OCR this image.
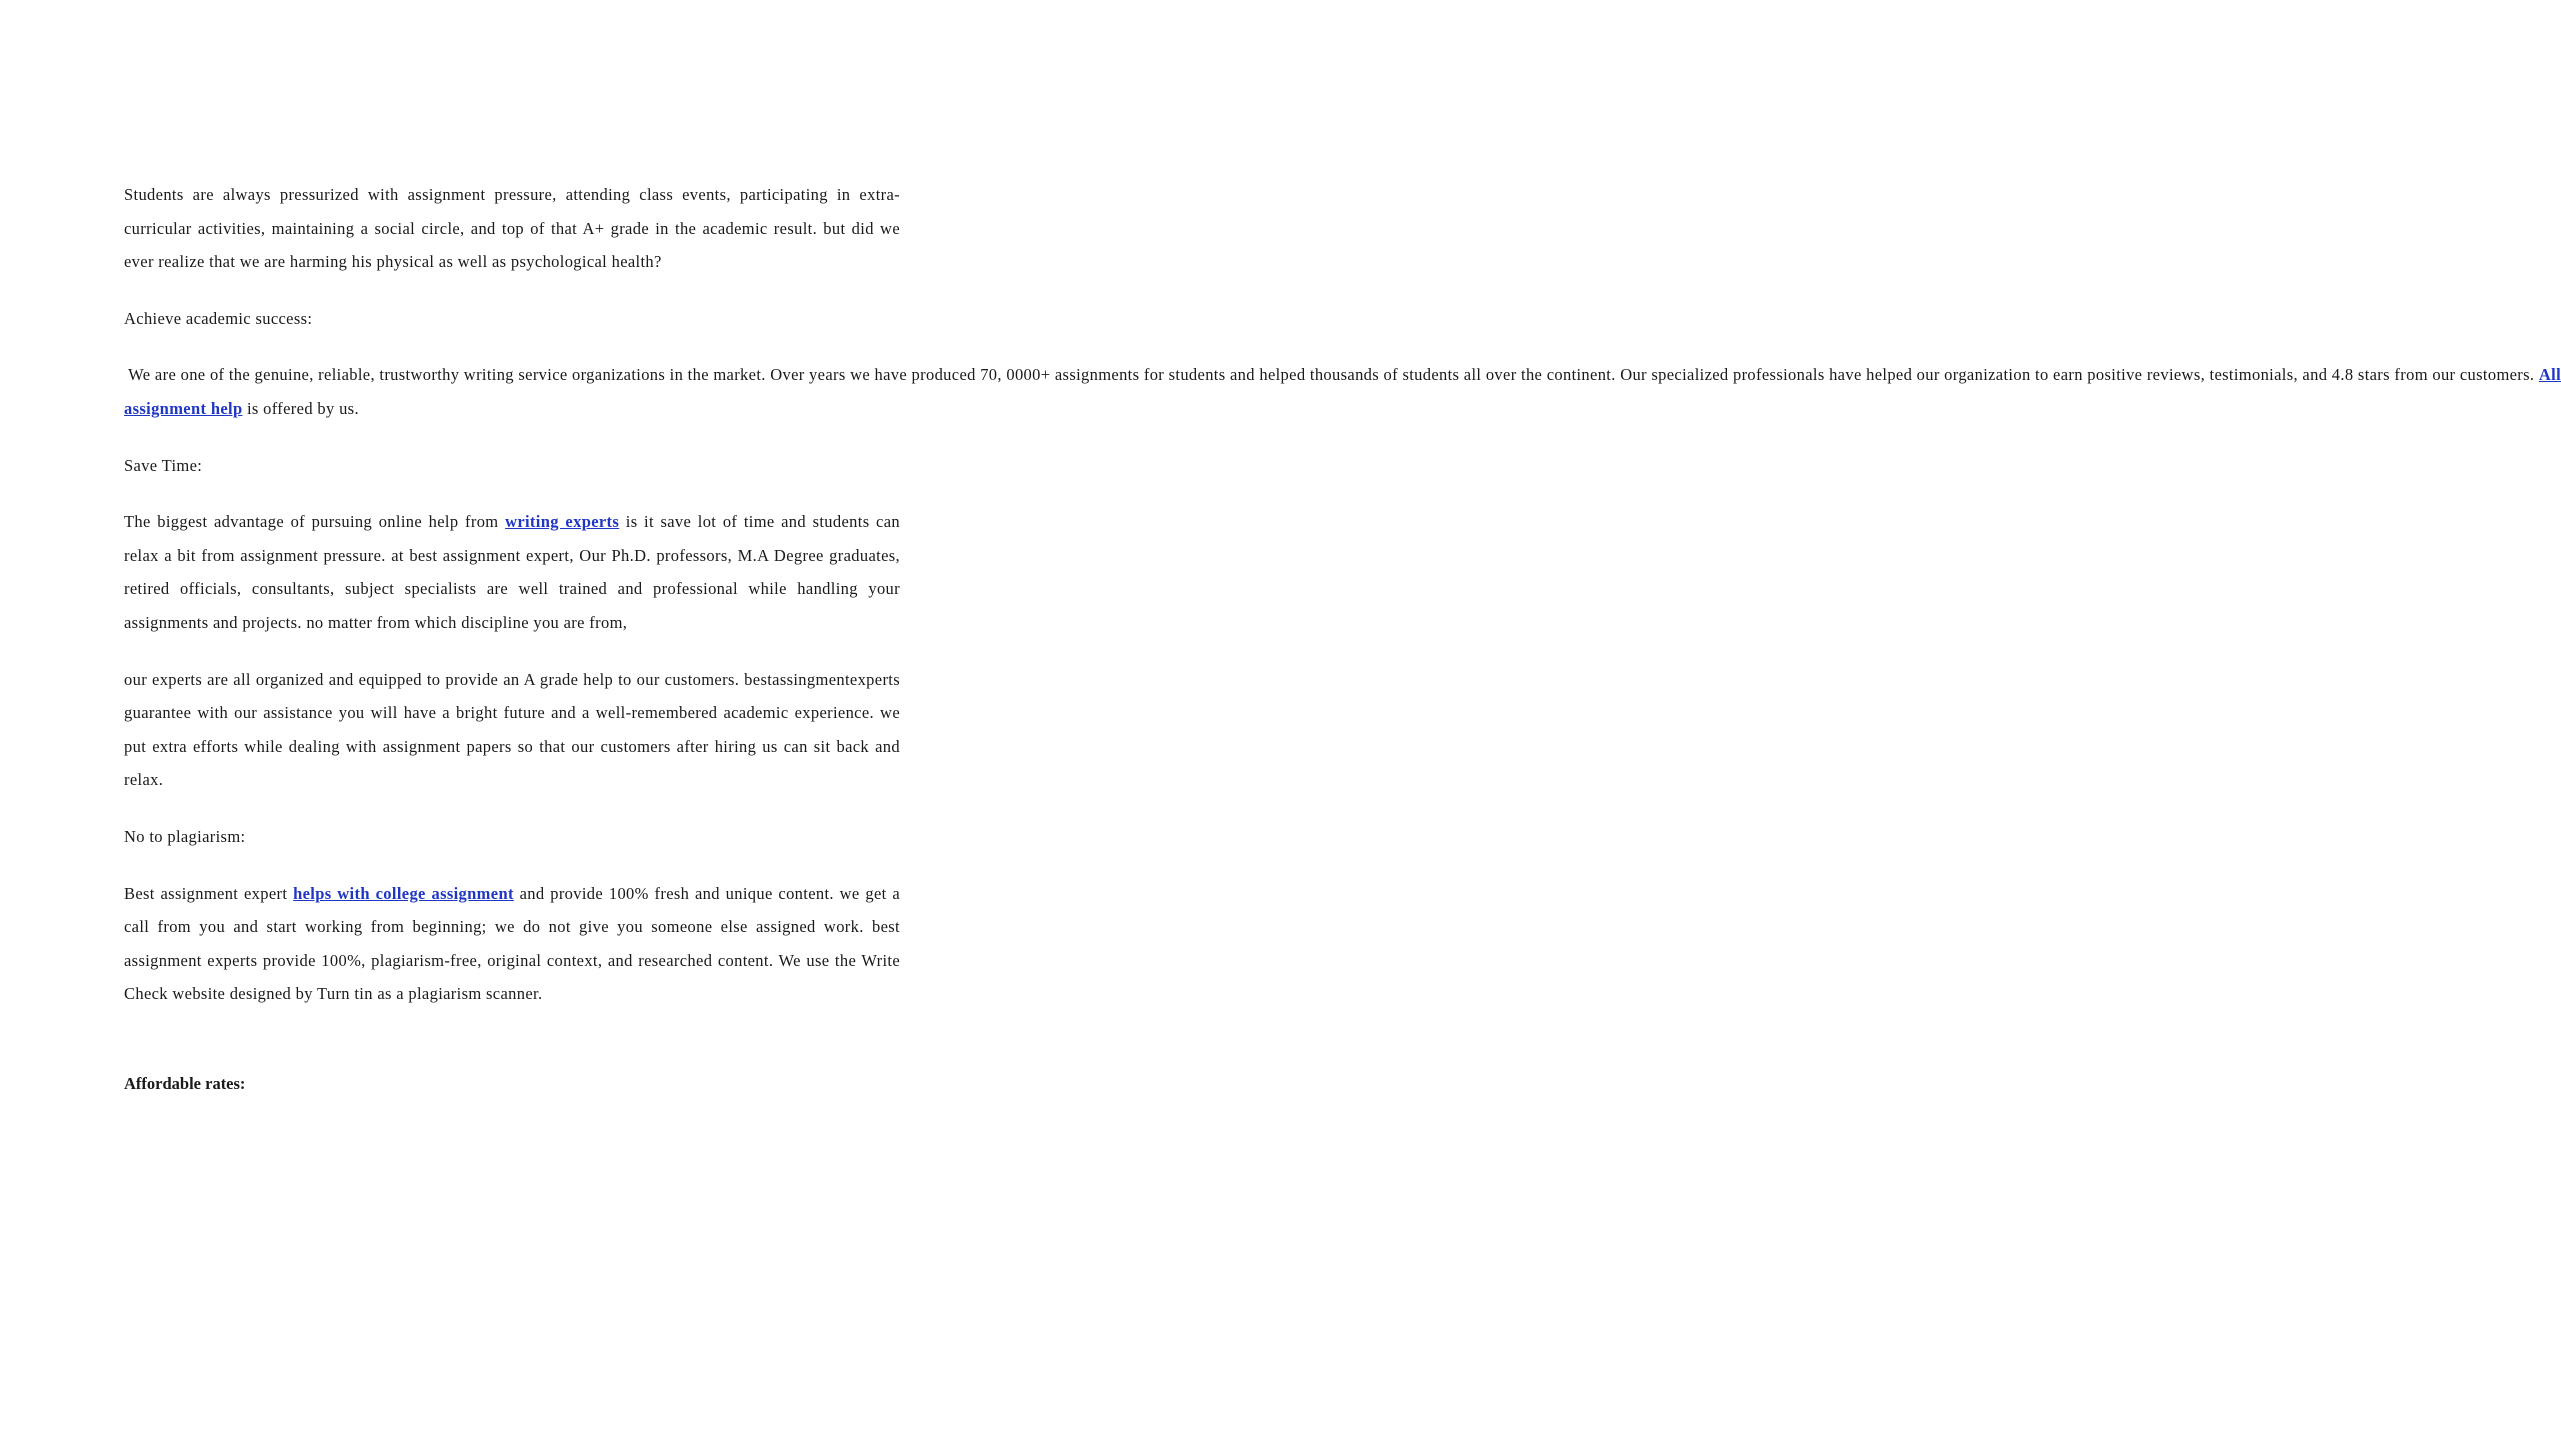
Students are always pressurized with assignment pressure, attending class events, participating in extra-curricular activities, maintaining a social circle, and top of that A+ grade in the academic result. but did we ever realize that we are harming his physical as well as psychological health?

Achieve academic success:

We are one of the genuine, reliable, trustworthy writing service organizations in the market. Over years we have produced 70, 0000+ assignments for students and helped thousands of students all over the continent. Our specialized professionals have helped our organization to earn positive reviews, testimonials, and 4.8 stars from our customers. All assignment help is offered by us.

Save Time:

The biggest advantage of pursuing online help from writing experts is it save lot of time and students can relax a bit from assignment pressure. at best assignment expert, Our Ph.D. professors, M.A Degree graduates, retired officials, consultants, subject specialists are well trained and professional while handling your assignments and projects. no matter from which discipline you are from,

our experts are all organized and equipped to provide an A grade help to our customers. bestassingmentexperts guarantee with our assistance you will have a bright future and a well-remembered academic experience. we put extra efforts while dealing with assignment papers so that our customers after hiring us can sit back and relax.

No to plagiarism:

Best assignment expert helps with college assignment and provide 100% fresh and unique content. we get a call from you and start working from beginning; we do not give you someone else assigned work. best assignment experts provide 100%, plagiarism-free, original context, and researched content. We use the Write Check website designed by Turn tin as a plagiarism scanner.

Affordable rates:
